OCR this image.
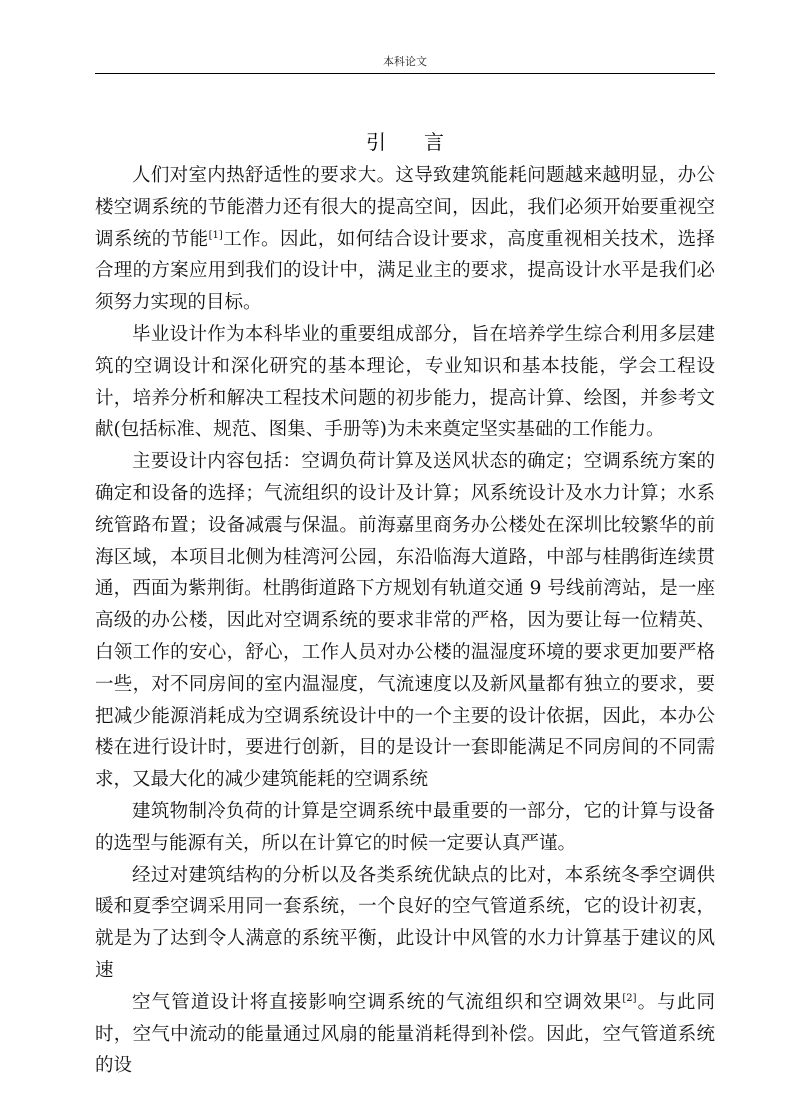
本科论文
引言

人们对室内热舒适性的要求大。这导致建筑能耗问题越来越明显，办公楼空调系统的节能潜力还有很大的提高空间，因此，我们必须开始要重视空调系统的节能[1]工作。因此，如何结合设计要求，高度重视相关技术，选择合理的方案应用到我们的设计中，满足业主的要求，提高设计水平是我们必须努力实现的目标。

毕业设计作为本科毕业的重要组成部分，旨在培养学生综合利用多层建筑的空调设计和深化研究的基本理论，专业知识和基本技能，学会工程设计，培养分析和解决工程技术问题的初步能力，提高计算、绘图，并参考文献(包括标准、规范、图集、手册等)为未来奠定坚实基础的工作能力。

主要设计内容包括：空调负荷计算及送风状态的确定；空调系统方案的确定和设备的选择；气流组织的设计及计算；风系统设计及水力计算；水系统管路布置；设备减震与保温。前海嘉里商务办公楼处在深圳比较繁华的前海区域，本项目北侧为桂湾河公园，东沿临海大道路，中部与桂鹃街连续贯通，西面为紫荆街。杜鹃街道路下方规划有轨道交通 9 号线前湾站，是一座高级的办公楼，因此对空调系统的要求非常的严格，因为要让每一位精英、白领工作的安心，舒心，工作人员对办公楼的温湿度环境的要求更加要严格一些，对不同房间的室内温湿度，气流速度以及新风量都有独立的要求，要把减少能源消耗成为空调系统设计中的一个主要的设计依据，因此，本办公楼在进行设计时，要进行创新，目的是设计一套即能满足不同房间的不同需求，又最大化的减少建筑能耗的空调系统

建筑物制冷负荷的计算是空调系统中最重要的一部分，它的计算与设备的选型与能源有关，所以在计算它的时候一定要认真严谨。

经过对建筑结构的分析以及各类系统优缺点的比对，本系统冬季空调供暖和夏季空调采用同一套系统，一个良好的空气管道系统，它的设计初衷，就是为了达到令人满意的系统平衡，此设计中风管的水力计算基于建议的风速

空气管道设计将直接影响空调系统的气流组织和空调效果[2]。与此同时，空气中流动的能量通过风扇的能量消耗得到补偿。因此，空气管道系统的设
